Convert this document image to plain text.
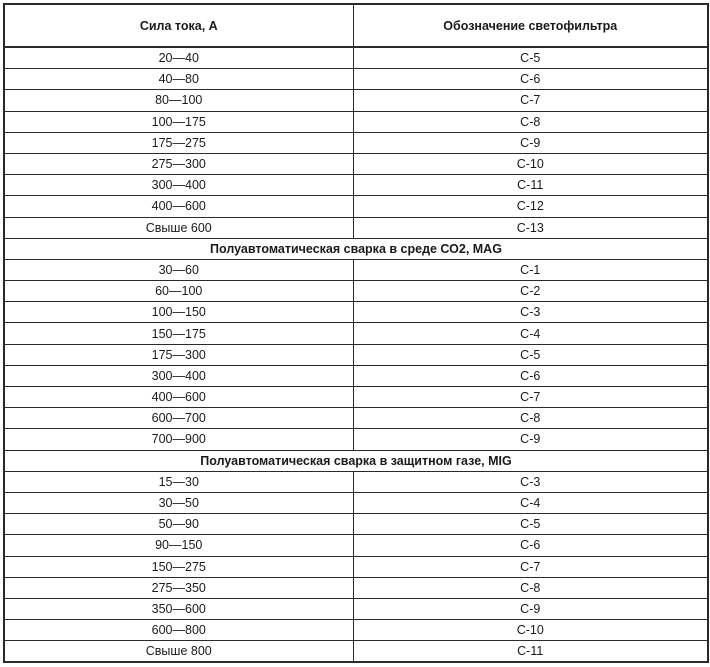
Сила тока, А	Обозначение светофильтра
20—40	С-5
40—80	С-6
80—100	С-7
100—175	С-8
175—275	С-9
275—300	С-10
300—400	С-11
400—600	С-12
Свыше 600	С-13
Полуавтоматическая сварка в среде СО2, MAG	
30—60	С-1
60—100	С-2
100—150	С-3
150—175	С-4
175—300	С-5
300—400	С-6
400—600	С-7
600—700	С-8
700—900	С-9
Полуавтоматическая сварка в защитном газе, MIG	
15—30	С-3
30—50	С-4
50—90	С-5
90—150	С-6
150—275	С-7
275—350	С-8
350—600	С-9
600—800	С-10
Свыше 800	С-11
